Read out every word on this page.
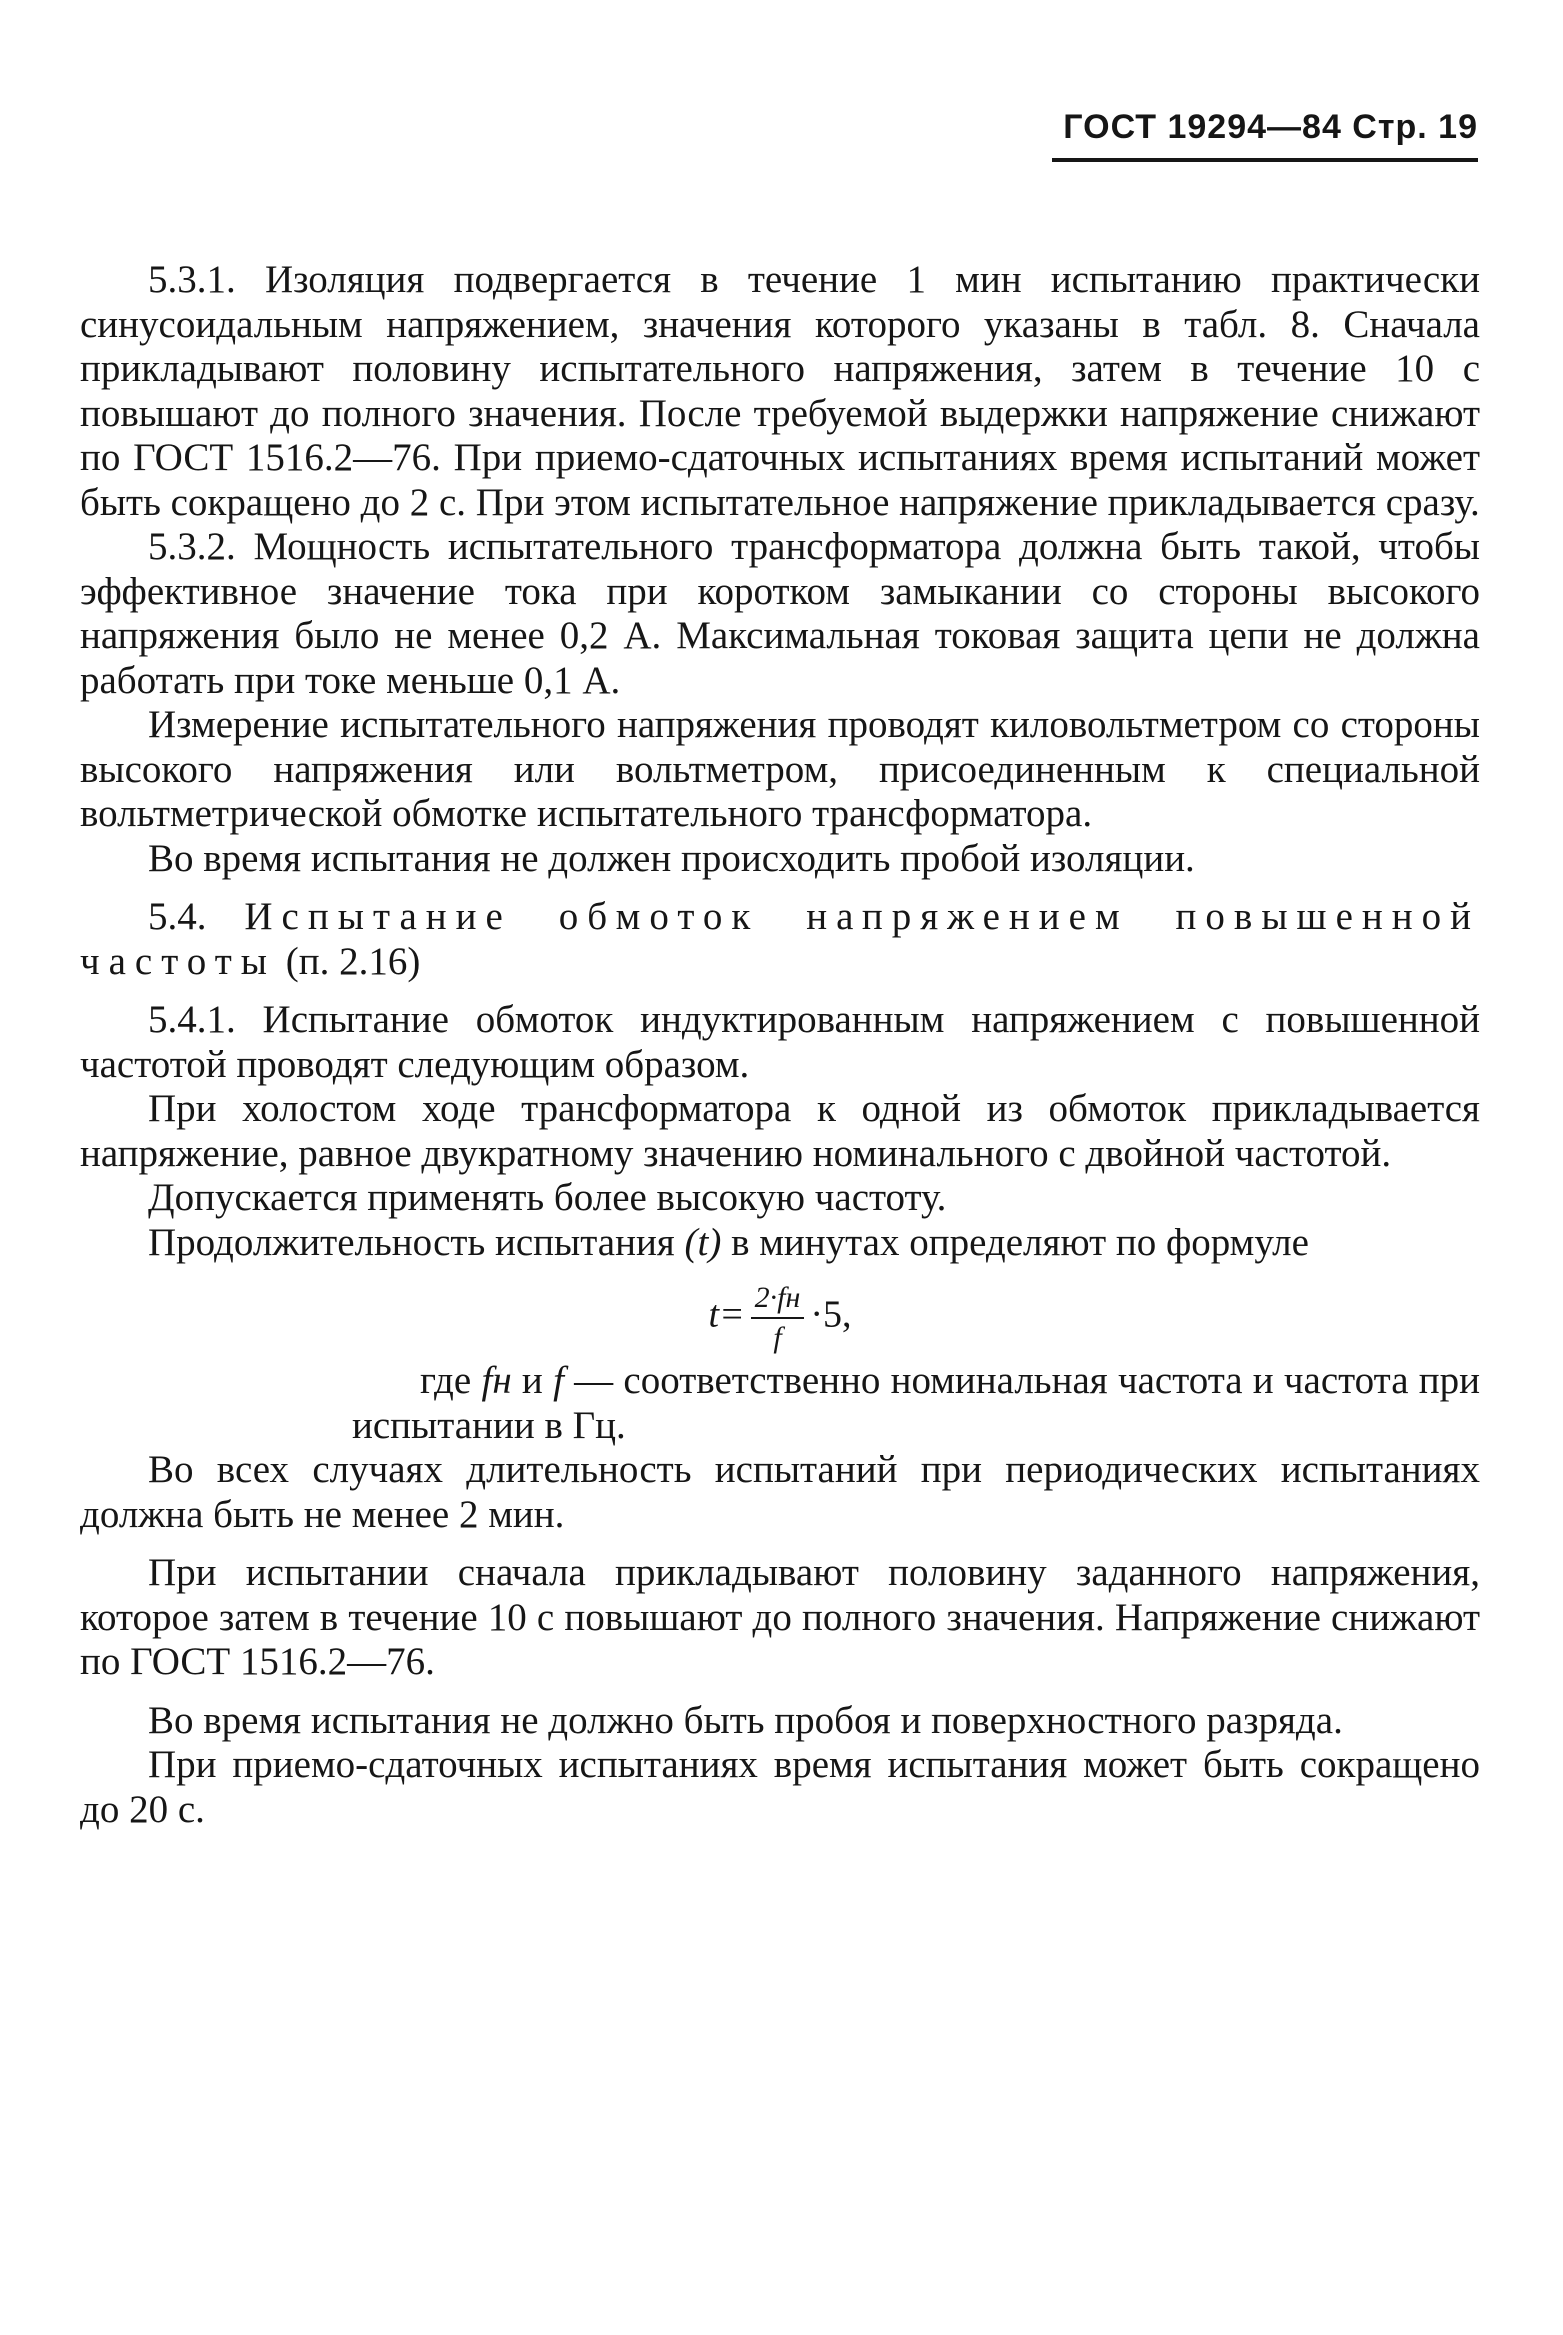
ГОСТ 19294—84 Стр. 19

5.3.1. Изоляция подвергается в течение 1 мин испытанию практически синусоидальным напряжением, значения которого указаны в табл. 8. Сначала прикладывают половину испытательного напряжения, затем в течение 10 с повышают до полного значения. После требуемой выдержки напряжение снижают по ГОСТ 1516.2—76. При приемо-сдаточных испытаниях время испытаний может быть сокращено до 2 с. При этом испытательное напряжение прикладывается сразу.

5.3.2. Мощность испытательного трансформатора должна быть такой, чтобы эффективное значение тока при коротком замыкании со стороны высокого напряжения было не менее 0,2 А. Максимальная токовая защита цепи не должна работать при токе меньше 0,1 А.

Измерение испытательного напряжения проводят киловольтметром со стороны высокого напряжения или вольтметром, присоединенным к специальной вольтметрической обмотке испытательного трансформатора.

Во время испытания не должен происходить пробой изоляции.

5.4. Испытание обмоток напряжением повышенной частоты (п. 2.16)

5.4.1. Испытание обмоток индуктированным напряжением с повышенной частотой проводят следующим образом.

При холостом ходе трансформатора к одной из обмоток прикладывается напряжение, равное двукратному значению номинального с двойной частотой.

Допускается применять более высокую частоту.

Продолжительность испытания (t) в минутах определяют по формуле

$t= \frac{2\cdot fн}{f} \cdot 5$,

где fн и f — соответственно номинальная частота и частота при испытании в Гц.

Во всех случаях длительность испытаний при периодических испытаниях должна быть не менее 2 мин.

При испытании сначала прикладывают половину заданного напряжения, которое затем в течение 10 с повышают до полного значения. Напряжение снижают по ГОСТ 1516.2—76.

Во время испытания не должно быть пробоя и поверхностного разряда.

При приемо-сдаточных испытаниях время испытания может быть сокращено до 20 с.
